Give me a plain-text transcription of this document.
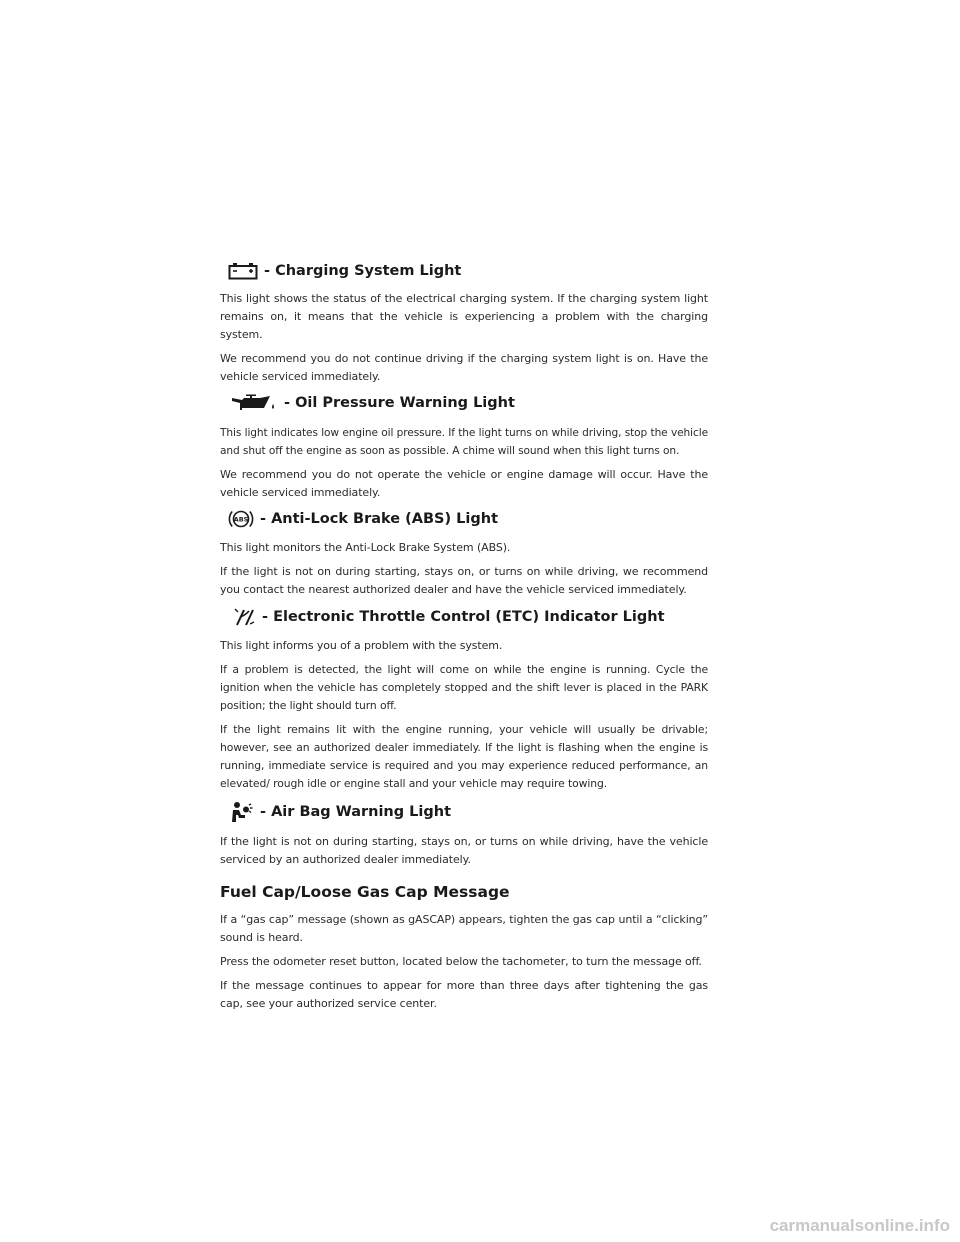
- Charging System Light

This light shows the status of the electrical charging system. If the charging system light remains on, it means that the vehicle is experiencing a problem with the charging system.

We recommend you do not continue driving if the charging system light is on. Have the vehicle serviced immediately.

- Oil Pressure Warning Light

This light indicates low engine oil pressure. If the light turns on while driving, stop the vehicle and shut off the engine as soon as possible. A chime will sound when this light turns on.

We recommend you do not operate the vehicle or engine damage will occur. Have the vehicle serviced immediately.

ABS - Anti-Lock Brake (ABS) Light

This light monitors the Anti-Lock Brake System (ABS).

If the light is not on during starting, stays on, or turns on while driving, we recommend you contact the nearest authorized dealer and have the vehicle serviced immediately.

- Electronic Throttle Control (ETC) Indicator Light

This light informs you of a problem with the system.

If a problem is detected, the light will come on while the engine is running. Cycle the ignition when the vehicle has completely stopped and the shift lever is placed in the PARK position; the light should turn off.

If the light remains lit with the engine running, your vehicle will usually be drivable; however, see an authorized dealer immediately. If the light is flashing when the engine is running, immediate service is required and you may experience reduced performance, an elevated/ rough idle or engine stall and your vehicle may require towing.

- Air Bag Warning Light

If the light is not on during starting, stays on, or turns on while driving, have the vehicle serviced by an authorized dealer immediately.

Fuel Cap/Loose Gas Cap Message

If a “gas cap” message (shown as gASCAP) appears, tighten the gas cap until a “clicking” sound is heard.

Press the odometer reset button, located below the tachometer, to turn the message off.

If the message continues to appear for more than three days after tightening the gas cap, see your authorized service center.

carmanualsonline.info
